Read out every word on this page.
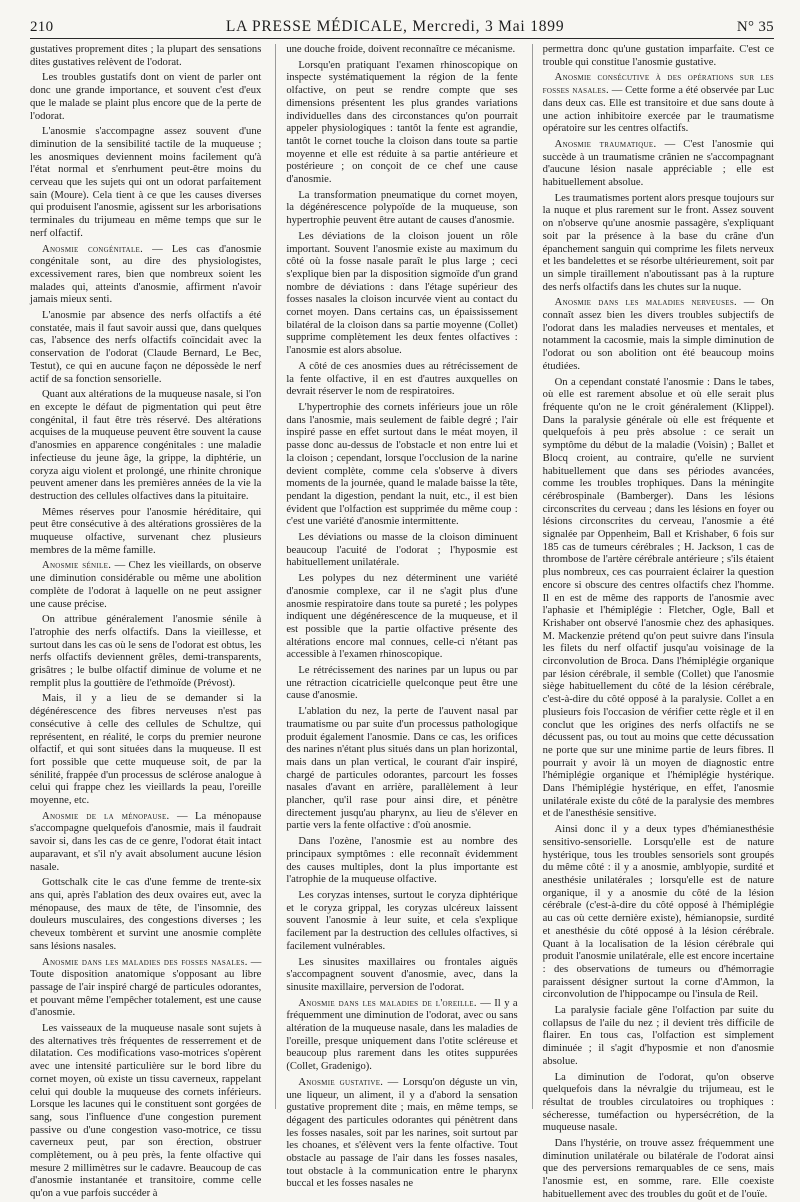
210	LA PRESSE MÉDICALE, Mercredi, 3 Mai 1899	N° 35

gustatives proprement dites ; la plupart des sensations dites gustatives relèvent de l'odorat.

Les troubles gustatifs dont on vient de parler ont donc une grande importance, et souvent c'est d'eux que le malade se plaint plus encore que de la perte de l'odorat.

L'anosmie s'accompagne assez souvent d'une diminution de la sensibilité tactile de la muqueuse ; les anosmiques deviennent moins facilement qu'à l'état normal et s'enrhument peut-être moins du cerveau que les sujets qui ont un odorat parfaitement sain (Moure). Cela tient à ce que les causes diverses qui produisent l'anosmie, agissent sur les arborisations terminales du trijumeau en même temps que sur le nerf olfactif.

Anosmie congénitale. — Les cas d'anosmie congénitale sont, au dire des physiologistes, excessivement rares, bien que nombreux soient les malades qui, atteints d'anosmie, affirment n'avoir jamais mieux senti.

L'anosmie par absence des nerfs olfactifs a été constatée, mais il faut savoir aussi que, dans quelques cas, l'absence des nerfs olfactifs coïncidait avec la conservation de l'odorat (Claude Bernard, Le Bec, Testut), ce qui en aucune façon ne dépossède le nerf actif de sa fonction sensorielle.

Quant aux altérations de la muqueuse nasale, si l'on en excepte le défaut de pigmentation qui peut être congénital, il faut être très réservé. Des altérations acquises de la muqueuse peuvent être souvent la cause d'anosmies en apparence congénitales : une maladie infectieuse du jeune âge, la grippe, la diphtérie, un coryza aigu violent et prolongé, une rhinite chronique peuvent amener dans les premières années de la vie la destruction des cellules olfactives dans la pituitaire.

Mêmes réserves pour l'anosmie héréditaire, qui peut être consécutive à des altérations grossières de la muqueuse olfactive, survenant chez plusieurs membres de la même famille.

Anosmie sénile. — Chez les vieillards, on observe une diminution considérable ou même une abolition complète de l'odorat à laquelle on ne peut assigner une cause précise.

On attribue généralement l'anosmie sénile à l'atrophie des nerfs olfactifs. Dans la vieillesse, et surtout dans les cas où le sens de l'odorat est obtus, les nerfs olfactifs deviennent grêles, demi-transparents, grisâtres ; le bulbe olfactif diminue de volume et ne remplit plus la gouttière de l'ethmoïde (Prévost).

Mais, il y a lieu de se demander si la dégénérescence des fibres nerveuses n'est pas consécutive à celle des cellules de Schultze, qui représentent, en réalité, le corps du premier neurone olfactif, et qui sont situées dans la muqueuse. Il est fort possible que cette muqueuse soit, de par la sénilité, frappée d'un processus de sclérose analogue à celui qui frappe chez les vieillards la peau, l'oreille moyenne, etc.

Anosmie de la ménopause. — La ménopause s'accompagne quelquefois d'anosmie, mais il faudrait savoir si, dans les cas de ce genre, l'odorat était intact auparavant, et s'il n'y avait absolument aucune lésion nasale.

Gottschalk cite le cas d'une femme de trente-six ans qui, après l'ablation des deux ovaires eut, avec la ménopause, des maux de tête, de l'insomnie, des douleurs musculaires, des congestions diverses ; les cheveux tombèrent et survint une anosmie complète sans lésions nasales.

Anosmie dans les maladies des fosses nasales. — Toute disposition anatomique s'opposant au libre passage de l'air inspiré chargé de particules odorantes, et pouvant même l'empêcher totalement, est une cause d'anosmie.

Les vaisseaux de la muqueuse nasale sont sujets à des alternatives très fréquentes de resserrement et de dilatation. Ces modifications vaso-motrices s'opèrent avec une intensité particulière sur le bord libre du cornet moyen, où existe un tissu caverneux, rappelant celui qui double la muqueuse des cornets inférieurs. Lorsque les lacunes qui le constituent sont gorgées de sang, sous l'influence d'une congestion purement passive ou d'une congestion vaso-motrice, ce tissu caverneux peut, par son érection, obstruer complètement, ou à peu près, la fente olfactive qui mesure 2 millimètres sur le cadavre. Beaucoup de cas d'anosmie instantanée et transitoire, comme celle qu'on a vue parfois succéder à

une douche froide, doivent reconnaître ce mécanisme.

Lorsqu'en pratiquant l'examen rhinoscopique on inspecte systématiquement la région de la fente olfactive, on peut se rendre compte que ses dimensions présentent les plus grandes variations individuelles dans des circonstances qu'on pourrait appeler physiologiques : tantôt la fente est agrandie, tantôt le cornet touche la cloison dans toute sa partie moyenne et elle est réduite à sa partie antérieure et postérieure ; on conçoit de ce chef une cause d'anosmie.

La transformation pneumatique du cornet moyen, la dégénérescence polypoïde de la muqueuse, son hypertrophie peuvent être autant de causes d'anosmie.

Les déviations de la cloison jouent un rôle important. Souvent l'anosmie existe au maximum du côté où la fosse nasale paraît le plus large ; ceci s'explique bien par la disposition sigmoïde d'un grand nombre de déviations : dans l'étage supérieur des fosses nasales la cloison incurvée vient au contact du cornet moyen. Dans certains cas, un épaississement bilatéral de la cloison dans sa partie moyenne (Collet) supprime complètement les deux fentes olfactives : l'anosmie est alors absolue.

A côté de ces anosmies dues au rétrécissement de la fente olfactive, il en est d'autres auxquelles on devrait réserver le nom de respiratoires.

L'hypertrophie des cornets inférieurs joue un rôle dans l'anosmie, mais seulement de faible degré ; l'air inspiré passe en effet surtout dans le méat moyen, il passe donc au-dessus de l'obstacle et non entre lui et la cloison ; cependant, lorsque l'occlusion de la narine devient complète, comme cela s'observe à divers moments de la journée, quand le malade baisse la tête, pendant la digestion, pendant la nuit, etc., il est bien évident que l'olfaction est supprimée du même coup : c'est une variété d'anosmie intermittente.

Les déviations ou masse de la cloison diminuent beaucoup l'acuité de l'odorat ; l'hyposmie est habituellement unilatérale.

Les polypes du nez déterminent une variété d'anosmie complexe, car il ne s'agit plus d'une anosmie respiratoire dans toute sa pureté ; les polypes indiquent une dégénérescence de la muqueuse, et il est possible que la partie olfactive présente des altérations encore mal connues, celle-ci n'étant pas accessible à l'examen rhinoscopique.

Le rétrécissement des narines par un lupus ou par une rétraction cicatricielle quelconque peut être une cause d'anosmie.

L'ablation du nez, la perte de l'auvent nasal par traumatisme ou par suite d'un processus pathologique produit également l'anosmie. Dans ce cas, les orifices des narines n'étant plus situés dans un plan horizontal, mais dans un plan vertical, le courant d'air inspiré, chargé de particules odorantes, parcourt les fosses nasales d'avant en arrière, parallèlement à leur plancher, qu'il rase pour ainsi dire, et pénètre directement jusqu'au pharynx, au lieu de s'élever en partie vers la fente olfactive : d'où anosmie.

Dans l'ozène, l'anosmie est au nombre des principaux symptômes : elle reconnaît évidemment des causes multiples, dont la plus importante est l'atrophie de la muqueuse olfactive.

Les coryzas intenses, surtout le coryza diphtérique et le coryza grippal, les coryzas ulcéreux laissent souvent l'anosmie à leur suite, et cela s'explique facilement par la destruction des cellules olfactives, si facilement vulnérables.

Les sinusites maxillaires ou frontales aiguës s'accompagnent souvent d'anosmie, avec, dans la sinusite maxillaire, perversion de l'odorat.

Anosmie dans les maladies de l'oreille. — Il y a fréquemment une diminution de l'odorat, avec ou sans altération de la muqueuse nasale, dans les maladies de l'oreille, presque uniquement dans l'otite scléreuse et beaucoup plus rarement dans les otites suppurées (Collet, Gradenigo).

Anosmie gustative. — Lorsqu'on déguste un vin, une liqueur, un aliment, il y a d'abord la sensation gustative proprement dite ; mais, en même temps, se dégagent des particules odorantes qui pénètrent dans les fosses nasales, soit par les narines, soit surtout par les choanes, et s'élèvent vers la fente olfactive. Tout obstacle au passage de l'air dans les fosses nasales, tout obstacle à la communication entre le pharynx buccal et les fosses nasales ne

permettra donc qu'une gustation imparfaite. C'est ce trouble qui constitue l'anosmie gustative.

Anosmie consécutive à des opérations sur les fosses nasales. — Cette forme a été observée par Luc dans deux cas. Elle est transitoire et due sans doute à une action inhibitoire exercée par le traumatisme opératoire sur les centres olfactifs.

Anosmie traumatique. — C'est l'anosmie qui succède à un traumatisme crânien ne s'accompagnant d'aucune lésion nasale appréciable ; elle est habituellement absolue.

Les traumatismes portent alors presque toujours sur la nuque et plus rarement sur le front. Assez souvent on n'observe qu'une anosmie passagère, s'expliquant soit par la présence à la base du crâne d'un épanchement sanguin qui comprime les filets nerveux et les bandelettes et se résorbe ultérieurement, soit par un simple tiraillement n'aboutissant pas à la rupture des nerfs olfactifs dans les chutes sur la nuque.

Anosmie dans les maladies nerveuses. — On connaît assez bien les divers troubles subjectifs de l'odorat dans les maladies nerveuses et mentales, et notamment la cacosmie, mais la simple diminution de l'odorat ou son abolition ont été beaucoup moins étudiées.

On a cependant constaté l'anosmie : Dans le tabes, où elle est rarement absolue et où elle serait plus fréquente qu'on ne le croit généralement (Klippel). Dans la paralysie générale où elle est fréquente et quelquefois à peu près absolue : ce serait un symptôme du début de la maladie (Voisin) ; Ballet et Blocq croient, au contraire, qu'elle ne survient habituellement que dans ses périodes avancées, comme les troubles trophiques. Dans la méningite cérébrospinale (Bamberger). Dans les lésions circonscrites du cerveau ; dans les lésions en foyer ou lésions circonscrites du cerveau, l'anosmie a été signalée par Oppenheim, Ball et Krishaber, 6 fois sur 185 cas de tumeurs cérébrales ; H. Jackson, 1 cas de thrombose de l'artère cérébrale antérieure ; s'ils étaient plus nombreux, ces cas pourraient éclairer la question encore si obscure des centres olfactifs chez l'homme. Il en est de même des rapports de l'anosmie avec l'aphasie et l'hémiplégie : Fletcher, Ogle, Ball et Krishaber ont observé l'anosmie chez des aphasiques. M. Mackenzie prétend qu'on peut suivre dans l'insula les filets du nerf olfactif jusqu'au voisinage de la circonvolution de Broca. Dans l'hémiplégie organique par lésion cérébrale, il semble (Collet) que l'anosmie siège habituellement du côté de la lésion cérébrale, c'est-à-dire du côté opposé à la paralysie. Collet a en plusieurs fois l'occasion de vérifier cette règle et il en conclut que les origines des nerfs olfactifs ne se décussent pas, ou tout au moins que cette décussation ne porte que sur une minime partie de leurs fibres. Il pourrait y avoir là un moyen de diagnostic entre l'hémiplégie organique et l'hémiplégie hystérique. Dans l'hémiplégie hystérique, en effet, l'anosmie unilatérale existe du côté de la paralysie des membres et de l'anesthésie sensitive.

Ainsi donc il y a deux types d'hémianesthésie sensitivo-sensorielle. Lorsqu'elle est de nature hystérique, tous les troubles sensoriels sont groupés du même côté : il y a anosmie, amblyopie, surdité et anesthésie unilatérales ; lorsqu'elle est de nature organique, il y a anosmie du côté de la lésion cérébrale (c'est-à-dire du côté opposé à l'hémiplégie au cas où cette dernière existe), hémianopsie, surdité et anesthésie du côté opposé à la lésion cérébrale. Quant à la localisation de la lésion cérébrale qui produit l'anosmie unilatérale, elle est encore incertaine : des observations de tumeurs ou d'hémorragie paraissent désigner surtout la corne d'Ammon, la circonvolution de l'hippocampe ou l'insula de Reil.

La paralysie faciale gêne l'olfaction par suite du collapsus de l'aile du nez ; il devient très difficile de flairer. En tous cas, l'olfaction est simplement diminuée ; il s'agit d'hyposmie et non d'anosmie absolue.

La diminution de l'odorat, qu'on observe quelquefois dans la névralgie du trijumeau, est le résultat de troubles circulatoires ou trophiques : sécheresse, tuméfaction ou hypersécrétion, de la muqueuse nasale.

Dans l'hystérie, on trouve assez fréquemment une diminution unilatérale ou bilatérale de l'odorat ainsi que des perversions remarquables de ce sens, mais l'anosmie est, en somme, rare. Elle coexiste habituellement avec des troubles du goût et de l'ouïe.
